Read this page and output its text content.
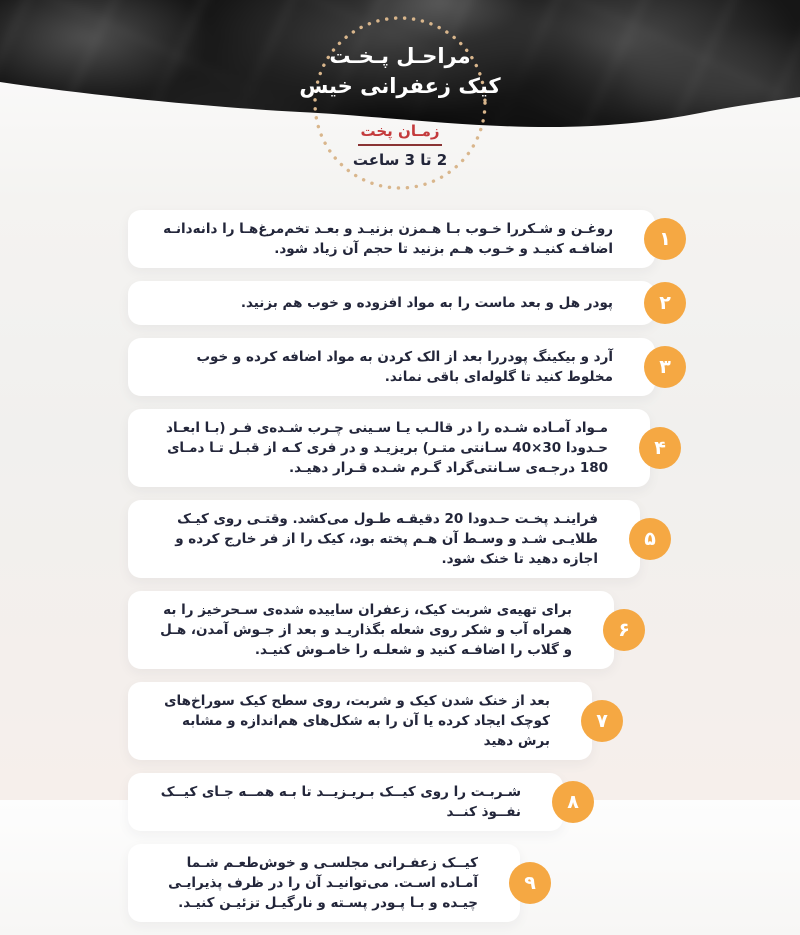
مراحـل پـخـت
کیک زعفرانی خیس
زمـان پخت
2 تا 3 ساعت
۱

روغـن و شـکررا خـوب بـا هـمزن بزنیـد و بعـد تخم‌مرغ‌هـا را دانه‌دانـه اضافـه کنیـد و خـوب هـم بزنید تا حجم آن زیاد شود.

۲

پودر هل و بعد ماست را به مواد افزوده و خوب هم بزنید.

۳

آرد و بیکینگ پودررا بعد از الک کردن به مواد اضافه کرده و خوب مخلوط کنید تا گلوله‌ای باقی نماند.

۴

مـواد آمـاده شـده را در قالـب یـا سـینی چـرب شـده‌ی فـر (بـا ابعـاد حـدودا 30×40 سـانتی متـر) بریزیـد و در فری کـه از قبـل تـا دمـای 180 درجـه‌ی سـانتی‌گراد گـرم شـده قـرار دهیـد.

۵

فراینـد پخـت حـدودا 20 دقیقـه طـول می‌کشد. وقتـی روی کیـک طلایـی شـد و وسـط آن هـم پخته بود، کیک را از فر خارج کرده و اجازه دهید تا خنک شود.

۶

برای تهیه‌ی شربت کیک، زعفران ساییده شده‌ی سـحرخیز را به همراه آب و شکر روی شعله بگذاریـد و بعد از جـوش آمدن، هـل و گلاب را اضافـه کنید و شعلـه را خامـوش کنیـد.

۷

بعد از خنک شدن کیک و شربت، روی سطح کیک سوراخ‌های کوچک ایجاد کرده یا آن را به شکل‌های هم‌اندازه و مشابه برش دهید

۸

شـربـت را روی کیــک بـریـزیــد تا بـه همــه جـای کیــک نفــوذ کنــد

۹

کیــک زعفـرانی مجلسـی و خوش‌طعـم شـما آمـاده اسـت. می‌توانیـد آن را در ظرف پذیرایـی چیـده و بـا پـودر پسـته و نارگیـل تزئیـن کنیـد.
